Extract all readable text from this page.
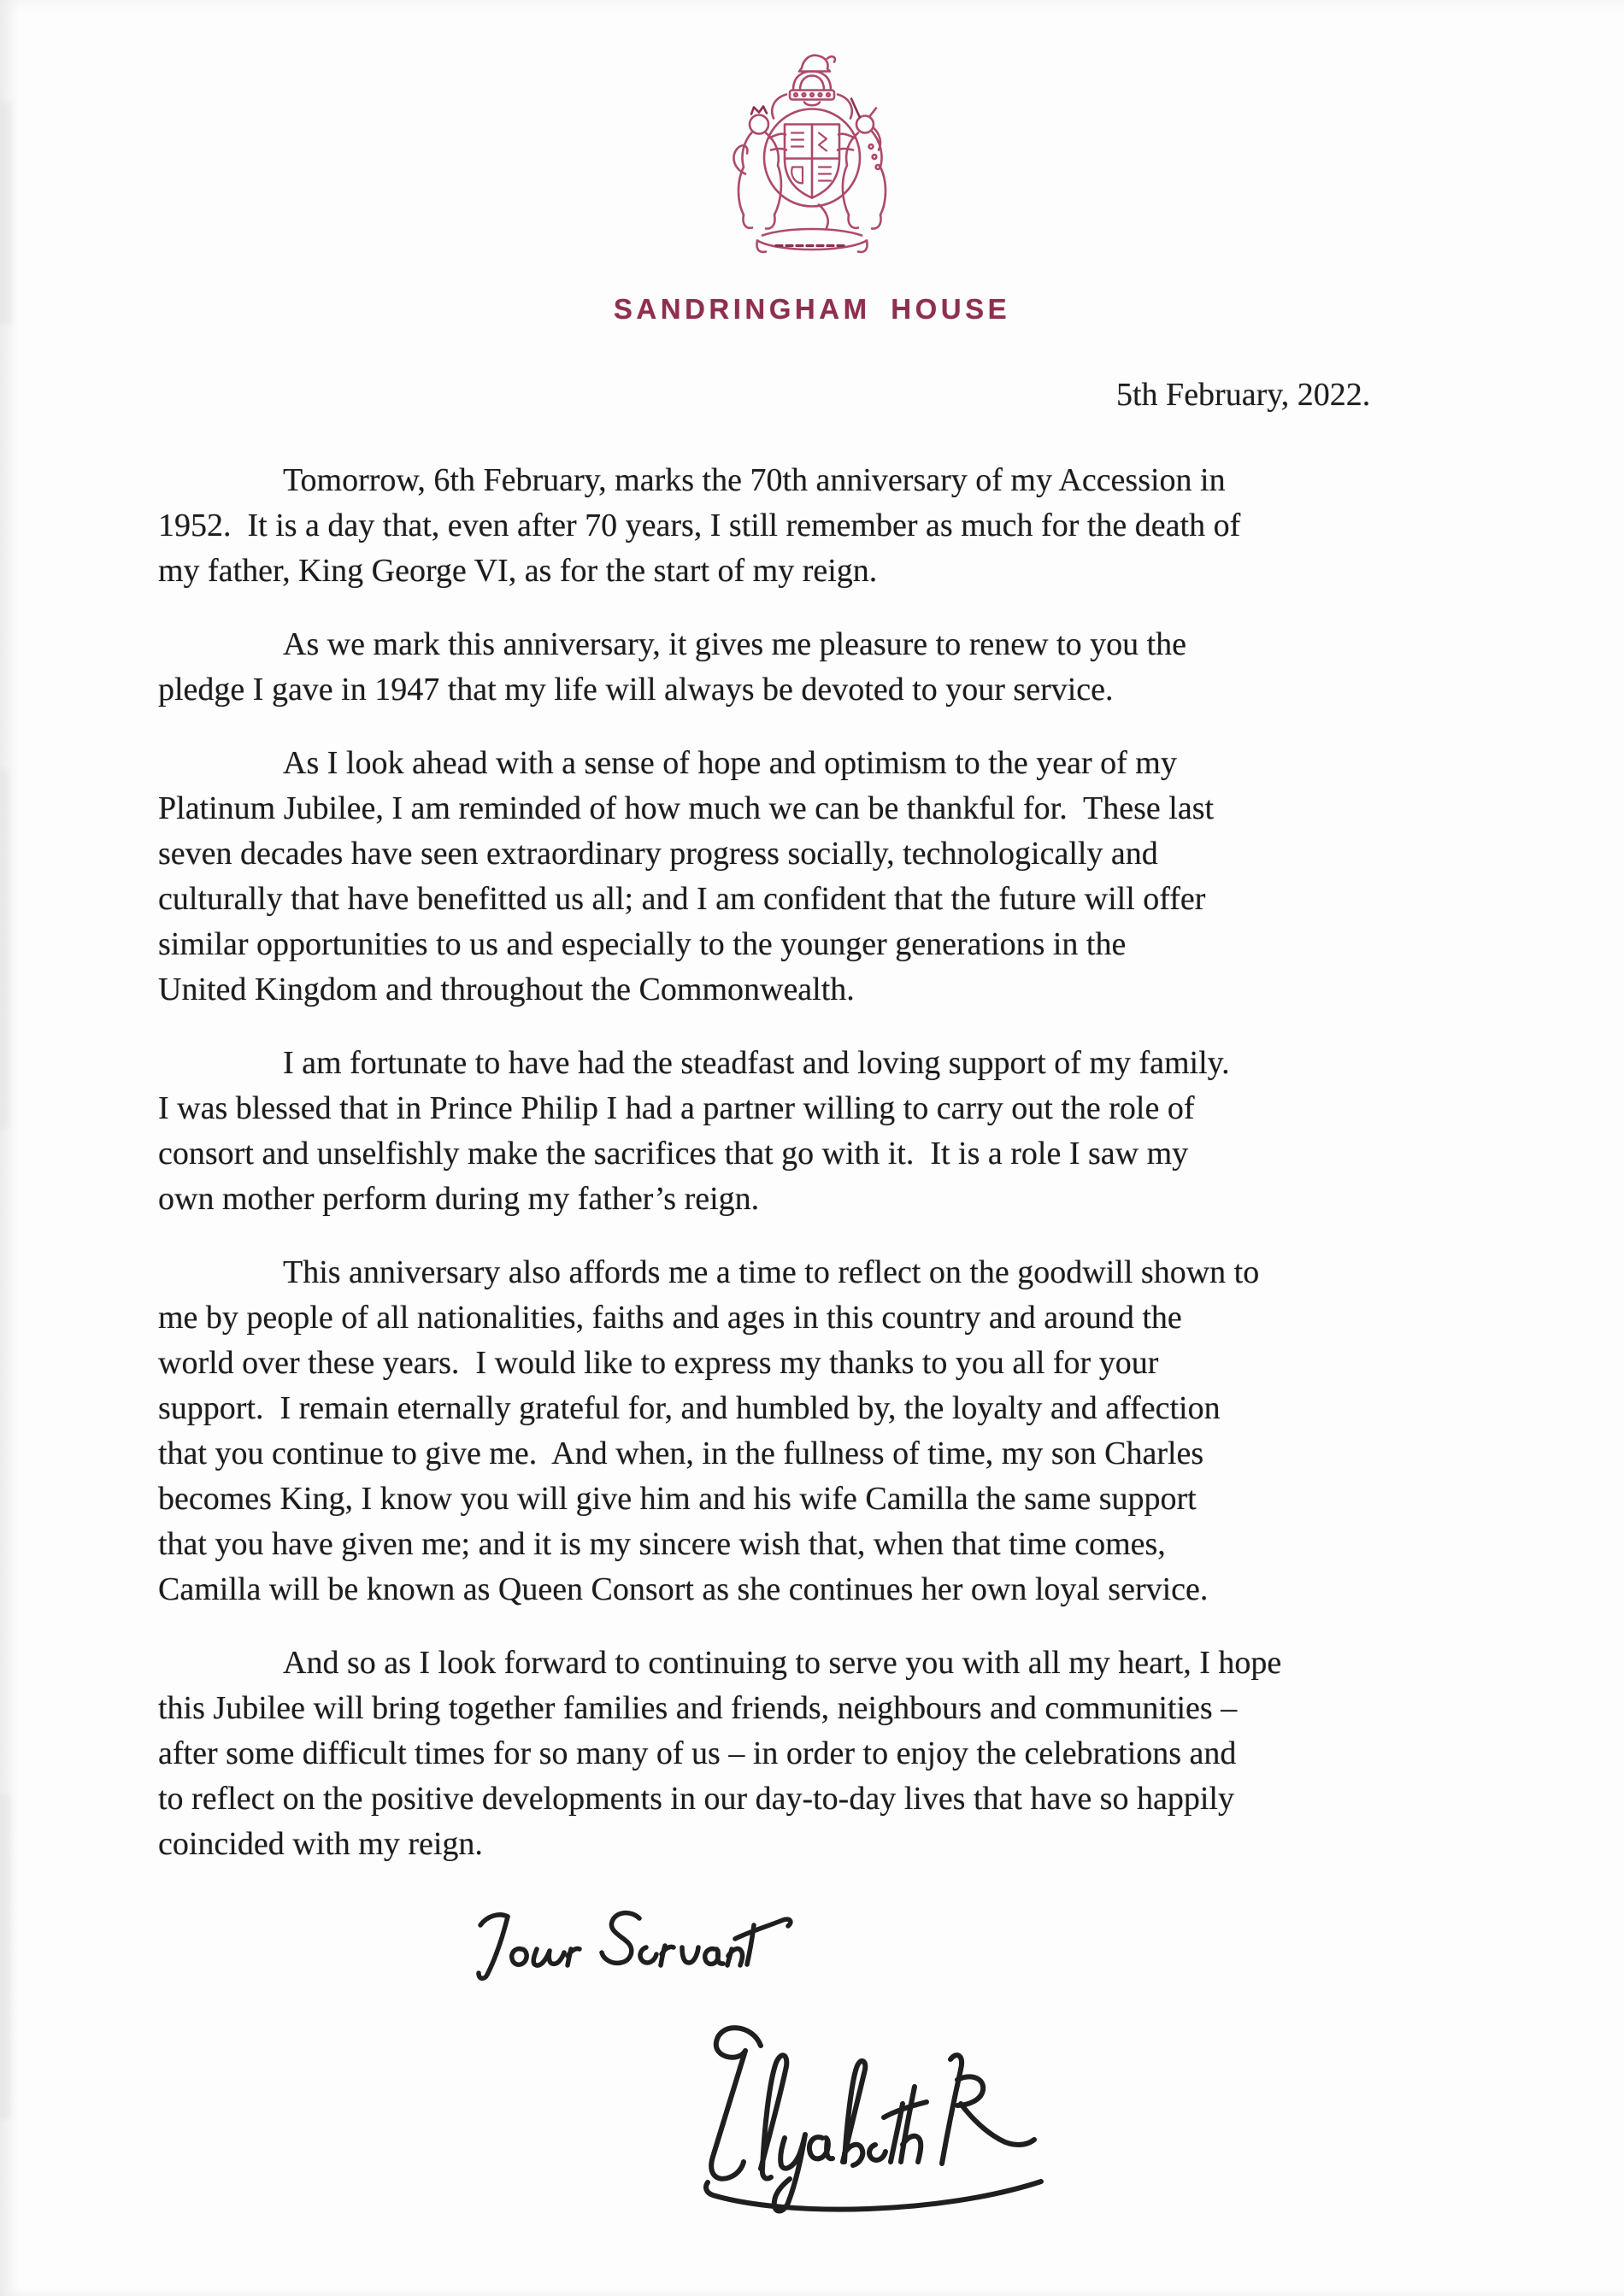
SANDRINGHAM HOUSE
5th February, 2022.
Tomorrow, 6th February, marks the 70th anniversary of my Accession in
1952.  It is a day that, even after 70 years, I still remember as much for the death of
my father, King George VI, as for the start of my reign.
As we mark this anniversary, it gives me pleasure to renew to you the
pledge I gave in 1947 that my life will always be devoted to your service.
As I look ahead with a sense of hope and optimism to the year of my
Platinum Jubilee, I am reminded of how much we can be thankful for.  These last
seven decades have seen extraordinary progress socially, technologically and
culturally that have benefitted us all; and I am confident that the future will offer
similar opportunities to us and especially to the younger generations in the
United Kingdom and throughout the Commonwealth.
I am fortunate to have had the steadfast and loving support of my family.
I was blessed that in Prince Philip I had a partner willing to carry out the role of
consort and unselfishly make the sacrifices that go with it.  It is a role I saw my
own mother perform during my father’s reign.
This anniversary also affords me a time to reflect on the goodwill shown to
me by people of all nationalities, faiths and ages in this country and around the
world over these years.  I would like to express my thanks to you all for your
support.  I remain eternally grateful for, and humbled by, the loyalty and affection
that you continue to give me.  And when, in the fullness of time, my son Charles
becomes King, I know you will give him and his wife Camilla the same support
that you have given me; and it is my sincere wish that, when that time comes,
Camilla will be known as Queen Consort as she continues her own loyal service.
And so as I look forward to continuing to serve you with all my heart, I hope
this Jubilee will bring together families and friends, neighbours and communities –
after some difficult times for so many of us – in order to enjoy the celebrations and
to reflect on the positive developments in our day-to-day lives that have so happily
coincided with my reign.
